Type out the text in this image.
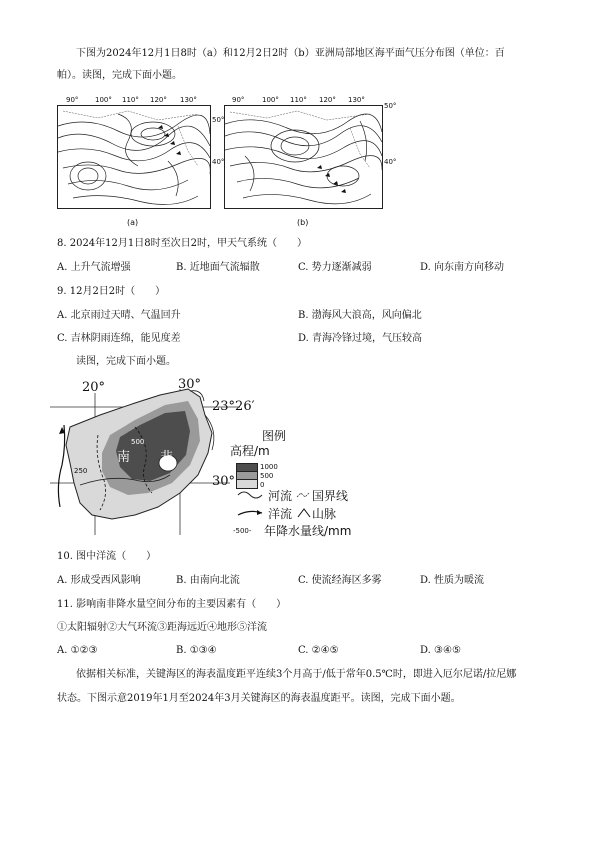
下图为2024年12月1日8时（a）和12月2日2时（b）亚洲局部地区海平面气压分布图（单位：百
帕）。读图，完成下面小题。
90° 100° 110° 120° 130°
50°
40°
(a)
90°	100° 110° 120° 130°
50°
40°
(b)
8. 2024年12月1日8时至次日2时，甲天气系统（　　）
A. 上升气流增强	B. 近地面气流辐散	C. 势力逐渐减弱	D. 向东南方向移动
9. 12月2日2时（　　）
A. 北京雨过天晴、气温回升	B. 渤海风大浪高，风向偏北
C. 吉林阴雨连绵，能见度差	D. 青海冷锋过境，气压较高
读图，完成下面小题。
20°	30°
23°26′
30°
南 非
500
250
图例
高程/m
1000
500
0
河流 国界线
洋流 山脉
-500- 年降水量线/mm
10. 图中洋流（　　）
A. 形成受西风影响	B. 由南向北流	C. 使流经海区多雾	D. 性质为暖流
11. 影响南非降水量空间分布的主要因素有（　　）
①太阳辐射②大气环流③距海远近④地形⑤洋流
A. ①②③	B. ①③④	C. ②④⑤	D. ③④⑤
依据相关标准，关键海区的海表温度距平连续3个月高于/低于常年0.5℃时，即进入厄尔尼诺/拉尼娜
状态。下图示意2019年1月至2024年3月关键海区的海表温度距平。读图，完成下面小题。
